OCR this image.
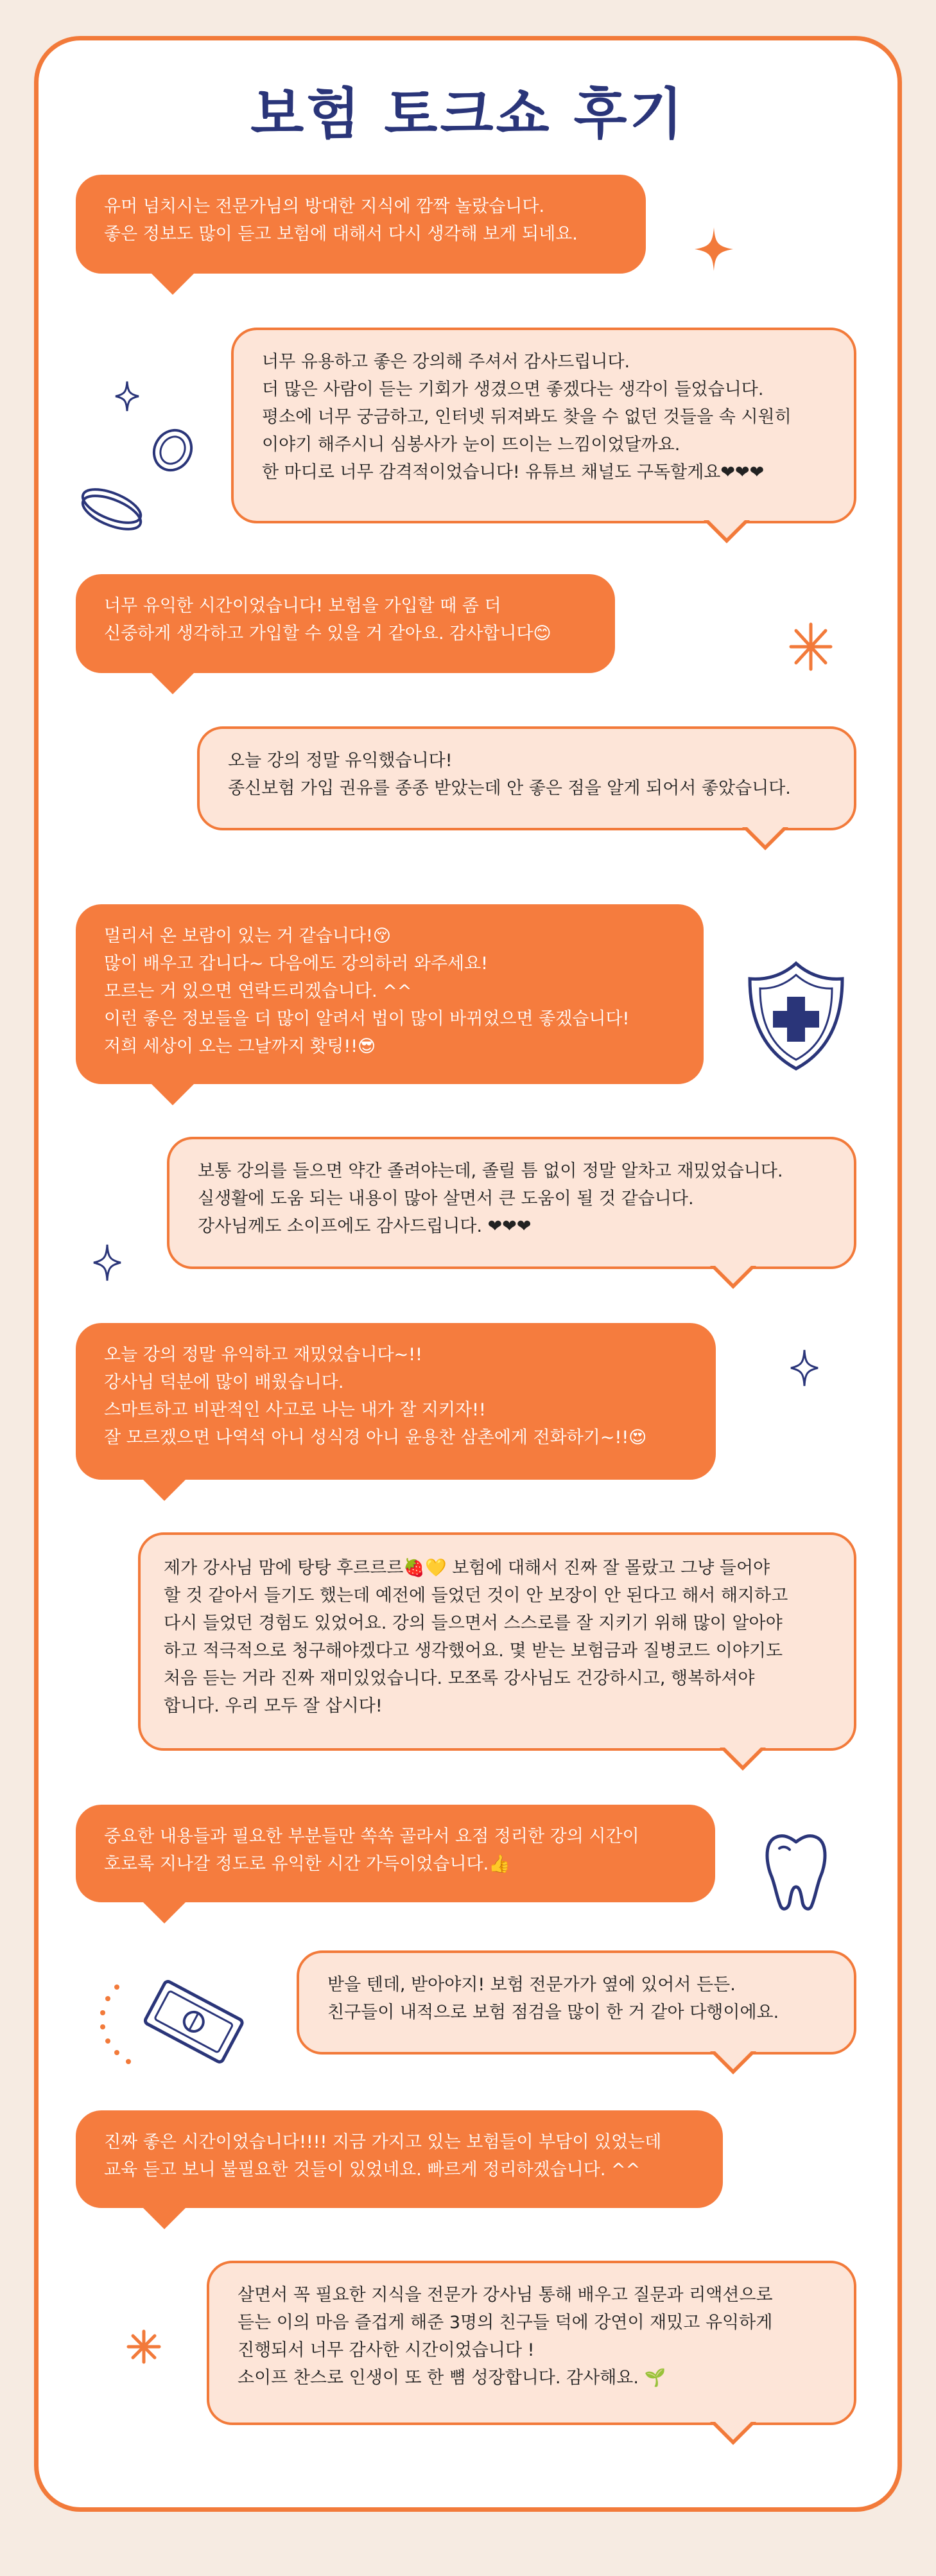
보험 토크쇼 후기
유머 넘치시는 전문가님의 방대한 지식에 깜짝 놀랐습니다.
좋은 정보도 많이 듣고 보험에 대해서 다시 생각해 보게 되네요.
너무 유용하고 좋은 강의해 주셔서 감사드립니다.
더 많은 사람이 듣는 기회가 생겼으면 좋겠다는 생각이 들었습니다.
평소에 너무 궁금하고, 인터넷 뒤져봐도 찾을 수 없던 것들을 속 시원히
이야기 해주시니 심봉사가 눈이 뜨이는 느낌이었달까요.
한 마디로 너무 감격적이었습니다! 유튜브 채널도 구독할게요❤❤❤
너무 유익한 시간이었습니다! 보험을 가입할 때 좀 더
신중하게 생각하고 가입할 수 있을 거 같아요. 감사합니다😊
오늘 강의 정말 유익했습니다!
종신보험 가입 권유를 종종 받았는데 안 좋은 점을 알게 되어서 좋았습니다.
멀리서 온 보람이 있는 거 같습니다!😚
많이 배우고 갑니다~ 다음에도 강의하러 와주세요!
모르는 거 있으면 연락드리겠습니다. ^^
이런 좋은 정보들을 더 많이 알려서 법이 많이 바뀌었으면 좋겠습니다!
저희 세상이 오는 그날까지 홧팅!!😎
보통 강의를 들으면 약간 졸려야는데, 졸릴 틈 없이 정말 알차고 재밌었습니다.
실생활에 도움 되는 내용이 많아 살면서 큰 도움이 될 것 같습니다.
강사님께도 소이프에도 감사드립니다. ❤❤❤
오늘 강의 정말 유익하고 재밌었습니다~!!
강사님 덕분에 많이 배웠습니다.
스마트하고 비판적인 사고로 나는 내가 잘 지키자!!
잘 모르겠으면 나역석 아니 성식경 아니 윤용찬 삼촌에게 전화하기~!!😍
제가 강사님 맘에 탕탕 후르르르🍓💛 보험에 대해서 진짜 잘 몰랐고 그냥 들어야
할 것 같아서 들기도 했는데 예전에 들었던 것이 안 보장이 안 된다고 해서 해지하고
다시 들었던 경험도 있었어요. 강의 들으면서 스스로를 잘 지키기 위해 많이 알아야
하고 적극적으로 청구해야겠다고 생각했어요. 몇 받는 보험금과 질병코드 이야기도
처음 듣는 거라 진짜 재미있었습니다. 모쪼록 강사님도 건강하시고, 행복하셔야
합니다. 우리 모두 잘 삽시다!
중요한 내용들과 필요한 부분들만 쏙쏙 골라서 요점 정리한 강의 시간이
호로록 지나갈 정도로 유익한 시간 가득이었습니다.👍
받을 텐데, 받아야지! 보험 전문가가 옆에 있어서 든든.
친구들이 내적으로 보험 점검을 많이 한 거 같아 다행이에요.
진짜 좋은 시간이었습니다!!!! 지금 가지고 있는 보험들이 부담이 있었는데
교육 듣고 보니 불필요한 것들이 있었네요. 빠르게 정리하겠습니다. ^^
살면서 꼭 필요한 지식을 전문가 강사님 통해 배우고 질문과 리액션으로
듣는 이의 마음 즐겁게 해준 3명의 친구들 덕에 강연이 재밌고 유익하게
진행되서 너무 감사한 시간이었습니다 !
소이프 찬스로 인생이 또 한 뼘 성장합니다. 감사해요. 🌱
